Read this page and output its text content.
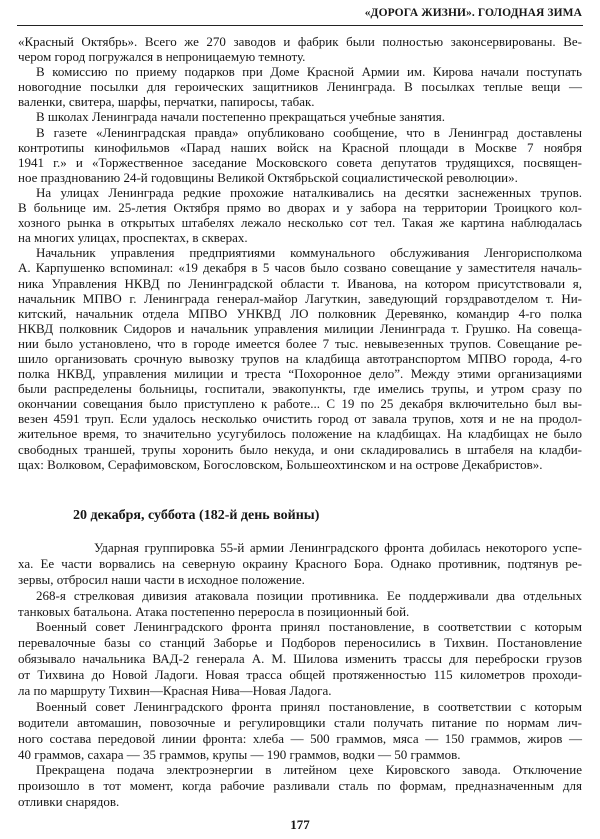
«ДОРОГА ЖИЗНИ». ГОЛОДНАЯ ЗИМА
«Красный Октябрь». Всего же 270 заводов и фабрик были полностью законсервированы. Ве-
чером город погружался в непроницаемую темноту.
В комиссию по приему подарков при Доме Красной Армии им. Кирова начали поступать
новогодние посылки для героических защитников Ленинграда. В посылках теплые вещи —
валенки, свитера, шарфы, перчатки, папиросы, табак.
В школах Ленинграда начали постепенно прекращаться учебные занятия.
В газете «Ленинградская правда» опубликовано сообщение, что в Ленинград доставлены
контротипы кинофильмов «Парад наших войск на Красной площади в Москве 7 ноября
1941 г.» и «Торжественное заседание Московского совета депутатов трудящихся, посвящен-
ное празднованию 24-й годовщины Великой Октябрьской социалистической революции».
На улицах Ленинграда редкие прохожие наталкивались на десятки заснеженных трупов.
В больнице им. 25-летия Октября прямо во дворах и у забора на территории Троицкого кол-
хозного рынка в открытых штабелях лежало несколько сот тел. Такая же картина наблюдалась
на многих улицах, проспектах, в скверах.
Начальник управления предприятиями коммунального обслуживания Ленгорисполкома
А. Карпушенко вспоминал: «19 декабря в 5 часов было созвано совещание у заместителя началь-
ника Управления НКВД по Ленинградской области т. Иванова, на котором присутствовали я,
начальник МПВО г. Ленинграда генерал-майор Лагуткин, заведующий горздравотделом т. Ни-
китский, начальник отдела МПВО УНКВД ЛО полковник Деревянко, командир 4-го полка
НКВД полковник Сидоров и начальник управления милиции Ленинграда т. Грушко. На совеща-
нии было установлено, что в городе имеется более 7 тыс. невывезенных трупов. Совещание ре-
шило организовать срочную вывозку трупов на кладбища автотранспортом МПВО города, 4-го
полка НКВД, управления милиции и треста “Похоронное дело”. Между этими организациями
были распределены больницы, госпитали, эвакопункты, где имелись трупы, и утром сразу по
окончании совещания было приступлено к работе... С 19 по 25 декабря включительно был вы-
везен 4591 труп. Если удалось несколько очистить город от завала трупов, хотя и не на продол-
жительное время, то значительно усугубилось положение на кладбищах. На кладбищах не было
свободных траншей, трупы хоронить было некуда, и они складировались в штабеля на кладби-
щах: Волковом, Серафимовском, Богословском, Большеохтинском и на острове Декабристов».
20 декабря, суббота (182-й день войны)
Ударная группировка 55-й армии Ленинградского фронта добилась некоторого успе-
ха. Ее части ворвались на северную окраину Красного Бора. Однако противник, подтянув ре-
зервы, отбросил наши части в исходное положение.
268-я стрелковая дивизия атаковала позиции противника. Ее поддерживали два отдельных
танковых батальона. Атака постепенно переросла в позиционный бой.
Военный совет Ленинградского фронта принял постановление, в соответствии с которым
перевалочные базы со станций Заборье и Подборов переносились в Тихвин. Постановление
обязывало начальника ВАД-2 генерала А. М. Шилова изменить трассы для переброски грузов
от Тихвина до Новой Ладоги. Новая трасса общей протяженностью 115 километров проходи-
ла по маршруту Тихвин—Красная Нива—Новая Ладога.
Военный совет Ленинградского фронта принял постановление, в соответствии с которым
водители автомашин, повозочные и регулировщики стали получать питание по нормам лич-
ного состава передовой линии фронта: хлеба — 500 граммов, мяса — 150 граммов, жиров —
40 граммов, сахара — 35 граммов, крупы — 190 граммов, водки — 50 граммов.
Прекращена подача электроэнергии в литейном цехе Кировского завода. Отключение
произошло в тот момент, когда рабочие разливали сталь по формам, предназначенным для
отливки снарядов.
177
